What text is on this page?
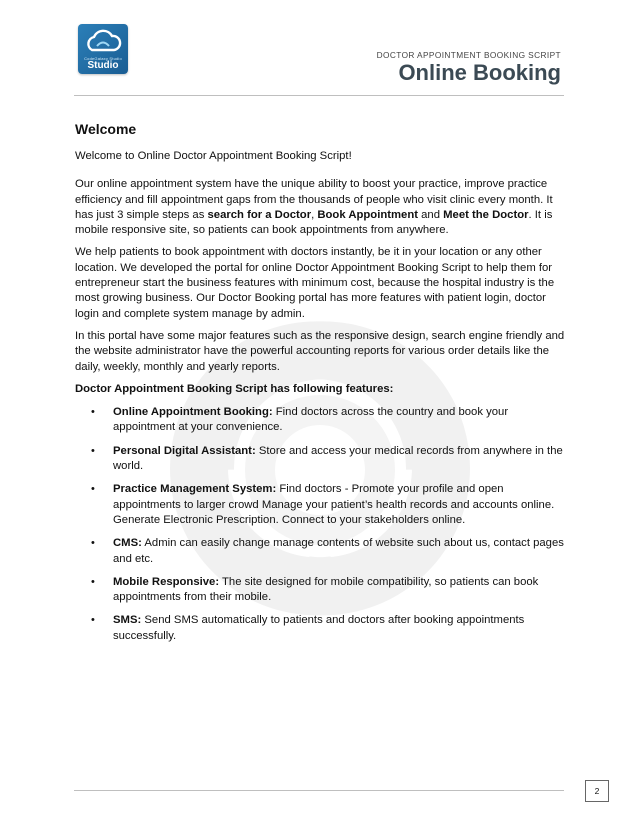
CodeGalaxy Studio
Studio
DOCTOR APPOINTMENT BOOKING SCRIPT
Online Booking
Welcome

Welcome to Online Doctor Appointment Booking Script!

Our online appointment system have the unique ability to boost your practice, improve practice efficiency and fill appointment gaps from the thousands of people who visit clinic every month. It has just 3 simple steps as search for a Doctor, Book Appointment and Meet the Doctor. It is mobile responsive site, so patients can book appointments from anywhere.

We help patients to book appointment with doctors instantly, be it in your location or any other location. We developed the portal for online Doctor Appointment Booking Script to help them for entrepreneur start the business features with minimum cost, because the hospital industry is the most growing business. Our Doctor Booking portal has more features with patient login, doctor login and complete system manage by admin.

In this portal have some major features such as the responsive design, search engine friendly and the website administrator have the powerful accounting reports for various order details like the daily, weekly, monthly and yearly reports.

Doctor Appointment Booking Script has following features:

• Online Appointment Booking: Find doctors across the country and book your appointment at your convenience.
• Personal Digital Assistant: Store and access your medical records from anywhere in the world.
• Practice Management System: Find doctors - Promote your profile and open appointments to larger crowd Manage your patient’s health records and accounts online. Generate Electronic Prescription. Connect to your stakeholders online.
• CMS: Admin can easily change manage contents of website such about us, contact pages and etc.
• Mobile Responsive: The site designed for mobile compatibility, so patients can book appointments from their mobile.
• SMS: Send SMS automatically to patients and doctors after booking appointments successfully.
2
